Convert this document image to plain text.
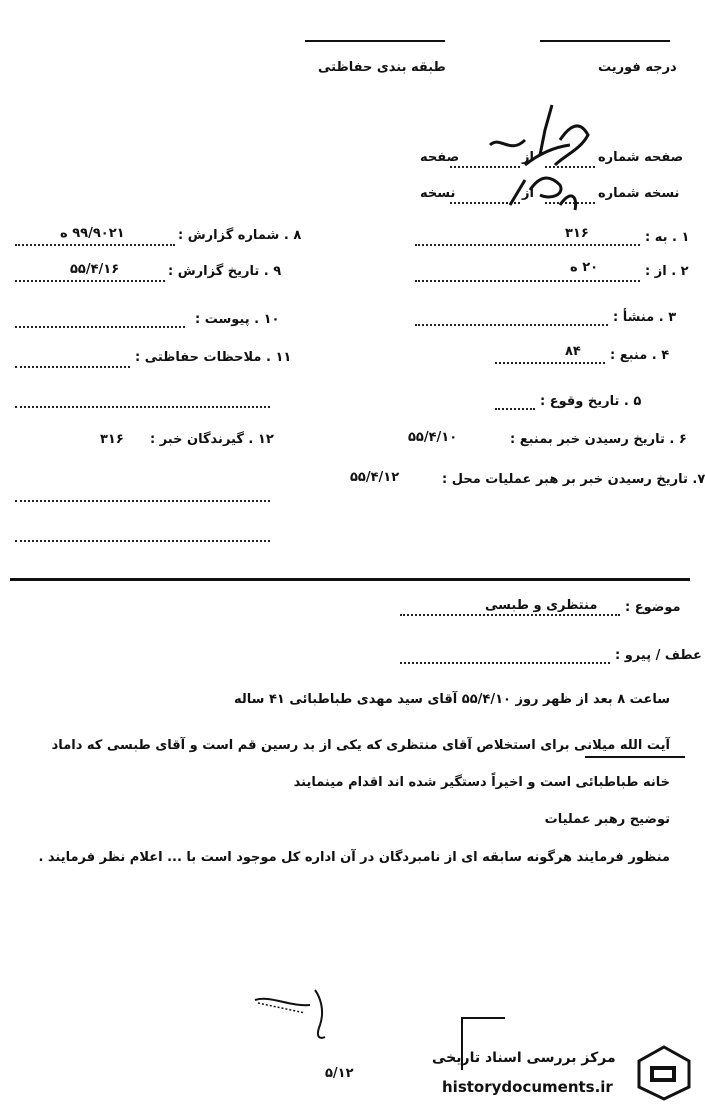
طبقه بندی حفاظتی	درجه فوریت
صفحه شماره
از
صفحه
نسخه شماره
از
نسخه
۸ . شماره گزارش :
۹۹/۹۰۲۱ ه
۹ . تاریخ گزارش :
۵۵/۴/۱۶
۱۰ . پیوست :
۱۱ . ملاحظات حفاظتی :
۱۲ . گیرندگان خبر :
۳۱۶
۱ . به :
۳۱۶
۲ . از :
۲۰ ه
۳ . منشأ :
۴ . منبع :
۸۴
۵ . تاریخ وقوع :
۶ . تاریخ رسیدن خبر بمنبع :
۵۵/۴/۱۰
۷. تاریخ رسیدن خبر بر هبر عملیات محل :
۵۵/۴/۱۲
موضوع :
منتظری و طبسی
عطف / پیرو :
ساعت ۸ بعد از ظهر روز ۵۵/۴/۱۰ آقای سید مهدی طباطبائی ۴۱ ساله
آیت الله میلانی برای استخلاص آقای منتظری که یکی از بد رسین قم است و آقای طبسی که داماد
خانه طباطبائی است و اخیراً دستگیر شده اند اقدام مینمایند
توضیح رهبر عملیات
منظور فرمایند هرگونه سابقه ای از نامبردگان در آن اداره کل موجود است با ... اعلام نظر فرمایند .
۵/۱۲
مرکز بررسی اسناد تاریخی
historydocuments.ir
